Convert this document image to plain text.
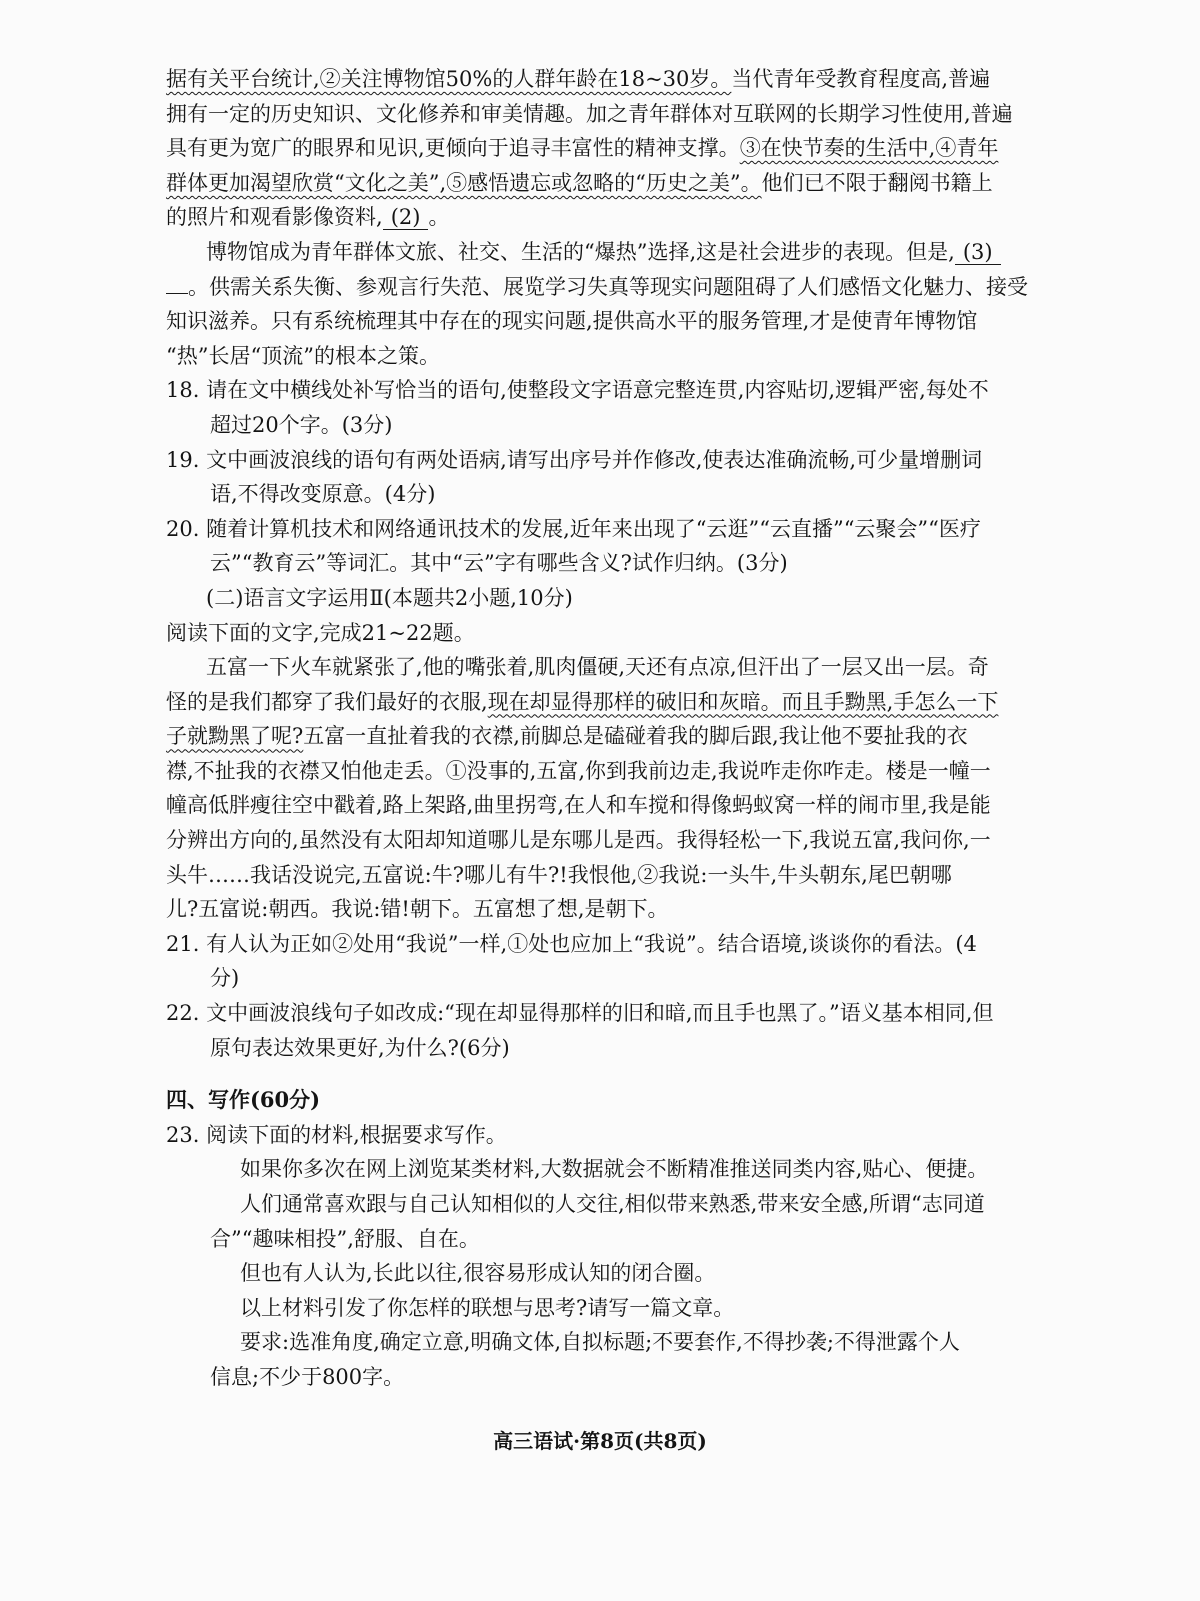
据有关平台统计,②关注博物馆50%的人群年龄在18~30岁。当代青年受教育程度高,普遍
拥有一定的历史知识、文化修养和审美情趣。加之青年群体对互联网的长期学习性使用,普遍
具有更为宽广的眼界和见识,更倾向于追寻丰富性的精神支撑。③在快节奏的生活中,④青年
群体更加渴望欣赏“文化之美”,⑤感悟遗忘或忽略的“历史之美”。他们已不限于翻阅书籍上
的照片和观看影像资料, (2) 。
博物馆成为青年群体文旅、社交、生活的“爆热”选择,这是社会进步的表现。但是, (3)
。供需关系失衡、参观言行失范、展览学习失真等现实问题阻碍了人们感悟文化魅力、接受
知识滋养。只有系统梳理其中存在的现实问题,提供高水平的服务管理,才是使青年博物馆
“热”长居“顶流”的根本之策。
18. 请在文中横线处补写恰当的语句,使整段文字语意完整连贯,内容贴切,逻辑严密,每处不
超过20个字。(3分)
19. 文中画波浪线的语句有两处语病,请写出序号并作修改,使表达准确流畅,可少量增删词
语,不得改变原意。(4分)
20. 随着计算机技术和网络通讯技术的发展,近年来出现了“云逛”“云直播”“云聚会”“医疗
云”“教育云”等词汇。其中“云”字有哪些含义?试作归纳。(3分)
(二)语言文字运用Ⅱ(本题共2小题,10分)
阅读下面的文字,完成21~22题。
五富一下火车就紧张了,他的嘴张着,肌肉僵硬,天还有点凉,但汗出了一层又出一层。奇
怪的是我们都穿了我们最好的衣服,现在却显得那样的破旧和灰暗。而且手黝黑,手怎么一下
子就黝黑了呢?五富一直扯着我的衣襟,前脚总是磕碰着我的脚后跟,我让他不要扯我的衣
襟,不扯我的衣襟又怕他走丢。①没事的,五富,你到我前边走,我说咋走你咋走。楼是一幢一
幢高低胖瘦往空中戳着,路上架路,曲里拐弯,在人和车搅和得像蚂蚁窝一样的闹市里,我是能
分辨出方向的,虽然没有太阳却知道哪儿是东哪儿是西。我得轻松一下,我说五富,我问你,一
头牛……我话没说完,五富说:牛?哪儿有牛?!我恨他,②我说:一头牛,牛头朝东,尾巴朝哪
儿?五富说:朝西。我说:错!朝下。五富想了想,是朝下。
21. 有人认为正如②处用“我说”一样,①处也应加上“我说”。结合语境,谈谈你的看法。(4
分)
22. 文中画波浪线句子如改成:“现在却显得那样的旧和暗,而且手也黑了。”语义基本相同,但
原句表达效果更好,为什么?(6分)
四、写作(60分)
23. 阅读下面的材料,根据要求写作。
如果你多次在网上浏览某类材料,大数据就会不断精准推送同类内容,贴心、便捷。
人们通常喜欢跟与自己认知相似的人交往,相似带来熟悉,带来安全感,所谓“志同道
合”“趣味相投”,舒服、自在。
但也有人认为,长此以往,很容易形成认知的闭合圈。
以上材料引发了你怎样的联想与思考?请写一篇文章。
要求:选准角度,确定立意,明确文体,自拟标题;不要套作,不得抄袭;不得泄露个人
信息;不少于800字。
高三语试·第8页(共8页)
